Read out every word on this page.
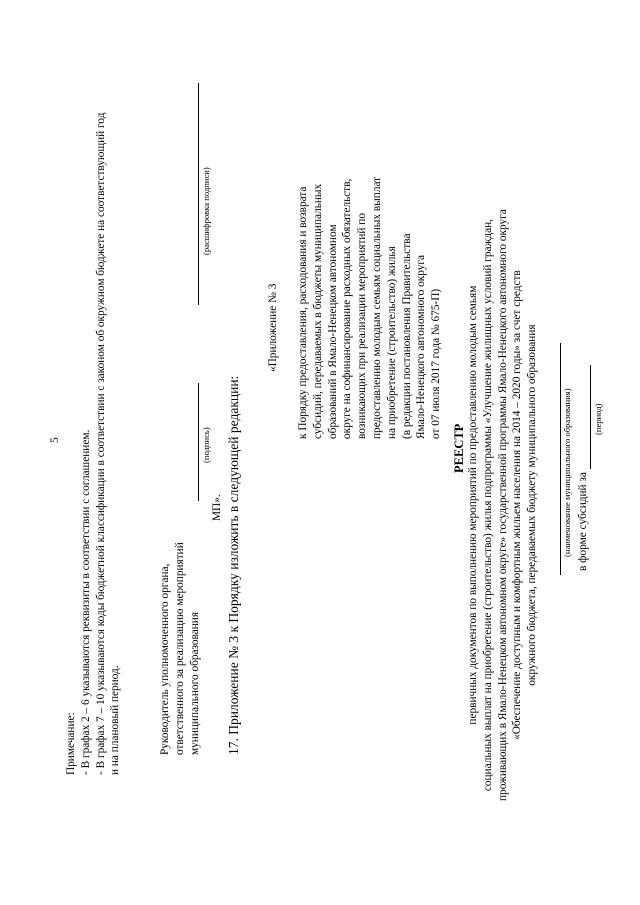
5
Примечание: - В графах 2 – 6 указываются реквизиты в соответствии с соглашением. - В графах 7 – 10 указываются коды бюджетной классификации в соответствии с законом об окружном бюджете на соответствующий год и на плановый период.	Руководитель уполномоченного органа, ответственного за реализацию мероприятий муниципального образования
(подпись)
(расшифровка подписи)
МП». 17. Приложение № 3 к Порядку изложить в следующей редакции:
«Приложение № 3 к Порядку предоставления, расходования и возврата субсидий, передаваемых в бюджеты муниципальных образований в Ямало-Ненецком автономном округе на софинансирование расходных обязательств, возникающих при реализации мероприятий по предоставлению молодым семьям социальных выплат на приобретение (строительство) жилья (в редакции постановления Правительства Ямало-Ненецкого автономного округа от 07 июля 2017 года № 675-П)
РЕЕСТР первичных документов по выполнению мероприятий по предоставлению молодым семьям социальных выплат на приобретение (строительство) жилья подпрограммы «Улучшение жилищных условий граждан, проживающих в Ямало-Ненецком автономном округе» государственной программы Ямало-Ненецкого автономного округа «Обеспечение доступным и комфортным жильем населения на 2014 – 2020 годы» за счет средств окружного бюджета, передаваемых бюджету муниципального образования	(наименование муниципального образования) в форме субсидий за
(период)
